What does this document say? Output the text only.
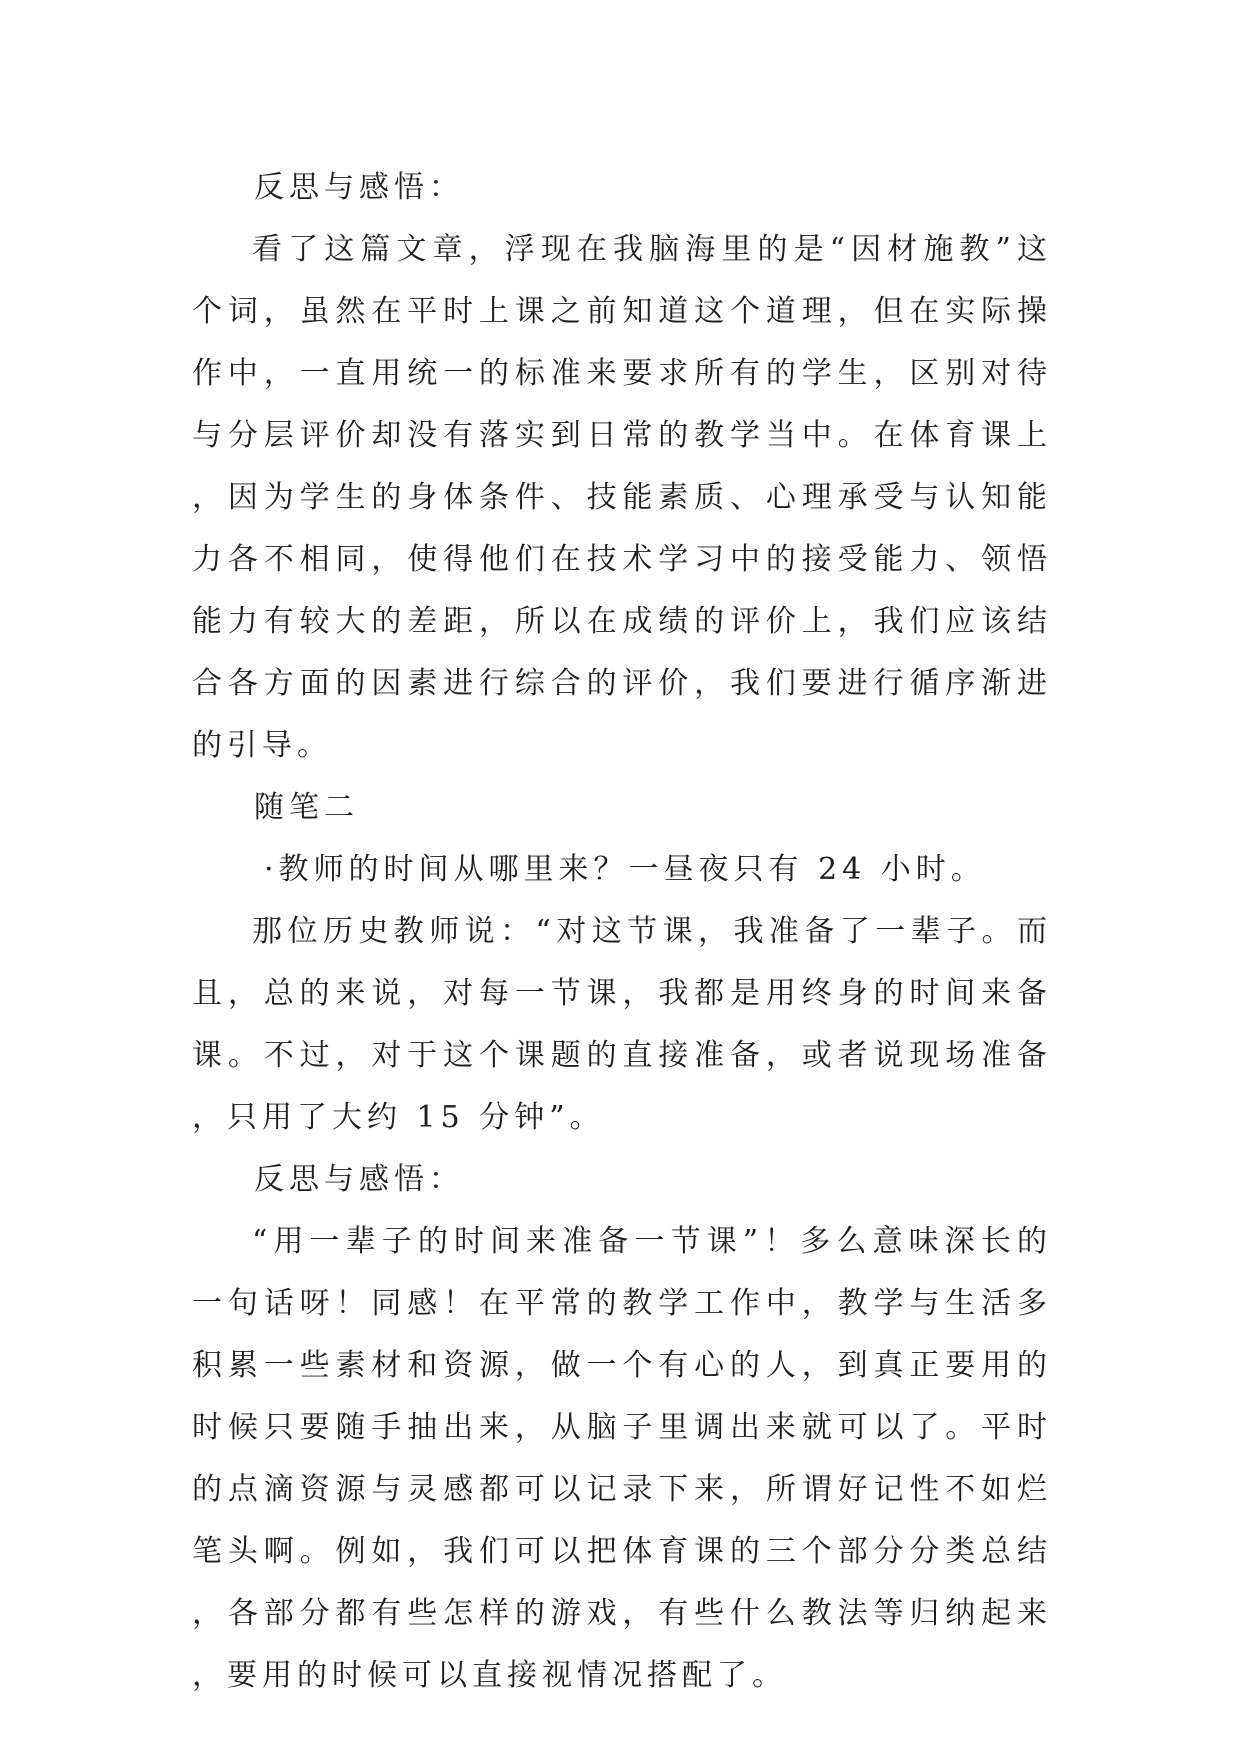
反思与感悟：
看了这篇文章，浮现在我脑海里的是“因材施教”这个词，虽然在平时上课之前知道这个道理，但在实际操作中，一直用统一的标准来要求所有的学生，区别对待与分层评价却没有落实到日常的教学当中。在体育课上，因为学生的身体条件、技能素质、心理承受与认知能力各不相同，使得他们在技术学习中的接受能力、领悟能力有较大的差距，所以在成绩的评价上，我们应该结合各方面的因素进行综合的评价，我们要进行循序渐进的引导。
随笔二
·教师的时间从哪里来？一昼夜只有 24 小时。
那位历史教师说：“对这节课，我准备了一辈子。而且，总的来说，对每一节课，我都是用终身的时间来备课。不过，对于这个课题的直接准备，或者说现场准备，只用了大约 15 分钟”。
反思与感悟：
“用一辈子的时间来准备一节课”！多么意味深长的一句话呀！同感！在平常的教学工作中，教学与生活多积累一些素材和资源，做一个有心的人，到真正要用的时候只要随手抽出来，从脑子里调出来就可以了。平时的点滴资源与灵感都可以记录下来，所谓好记性不如烂笔头啊。例如，我们可以把体育课的三个部分分类总结，各部分都有些怎样的游戏，有些什么教法等归纳起来，要用的时候可以直接视情况搭配了。
